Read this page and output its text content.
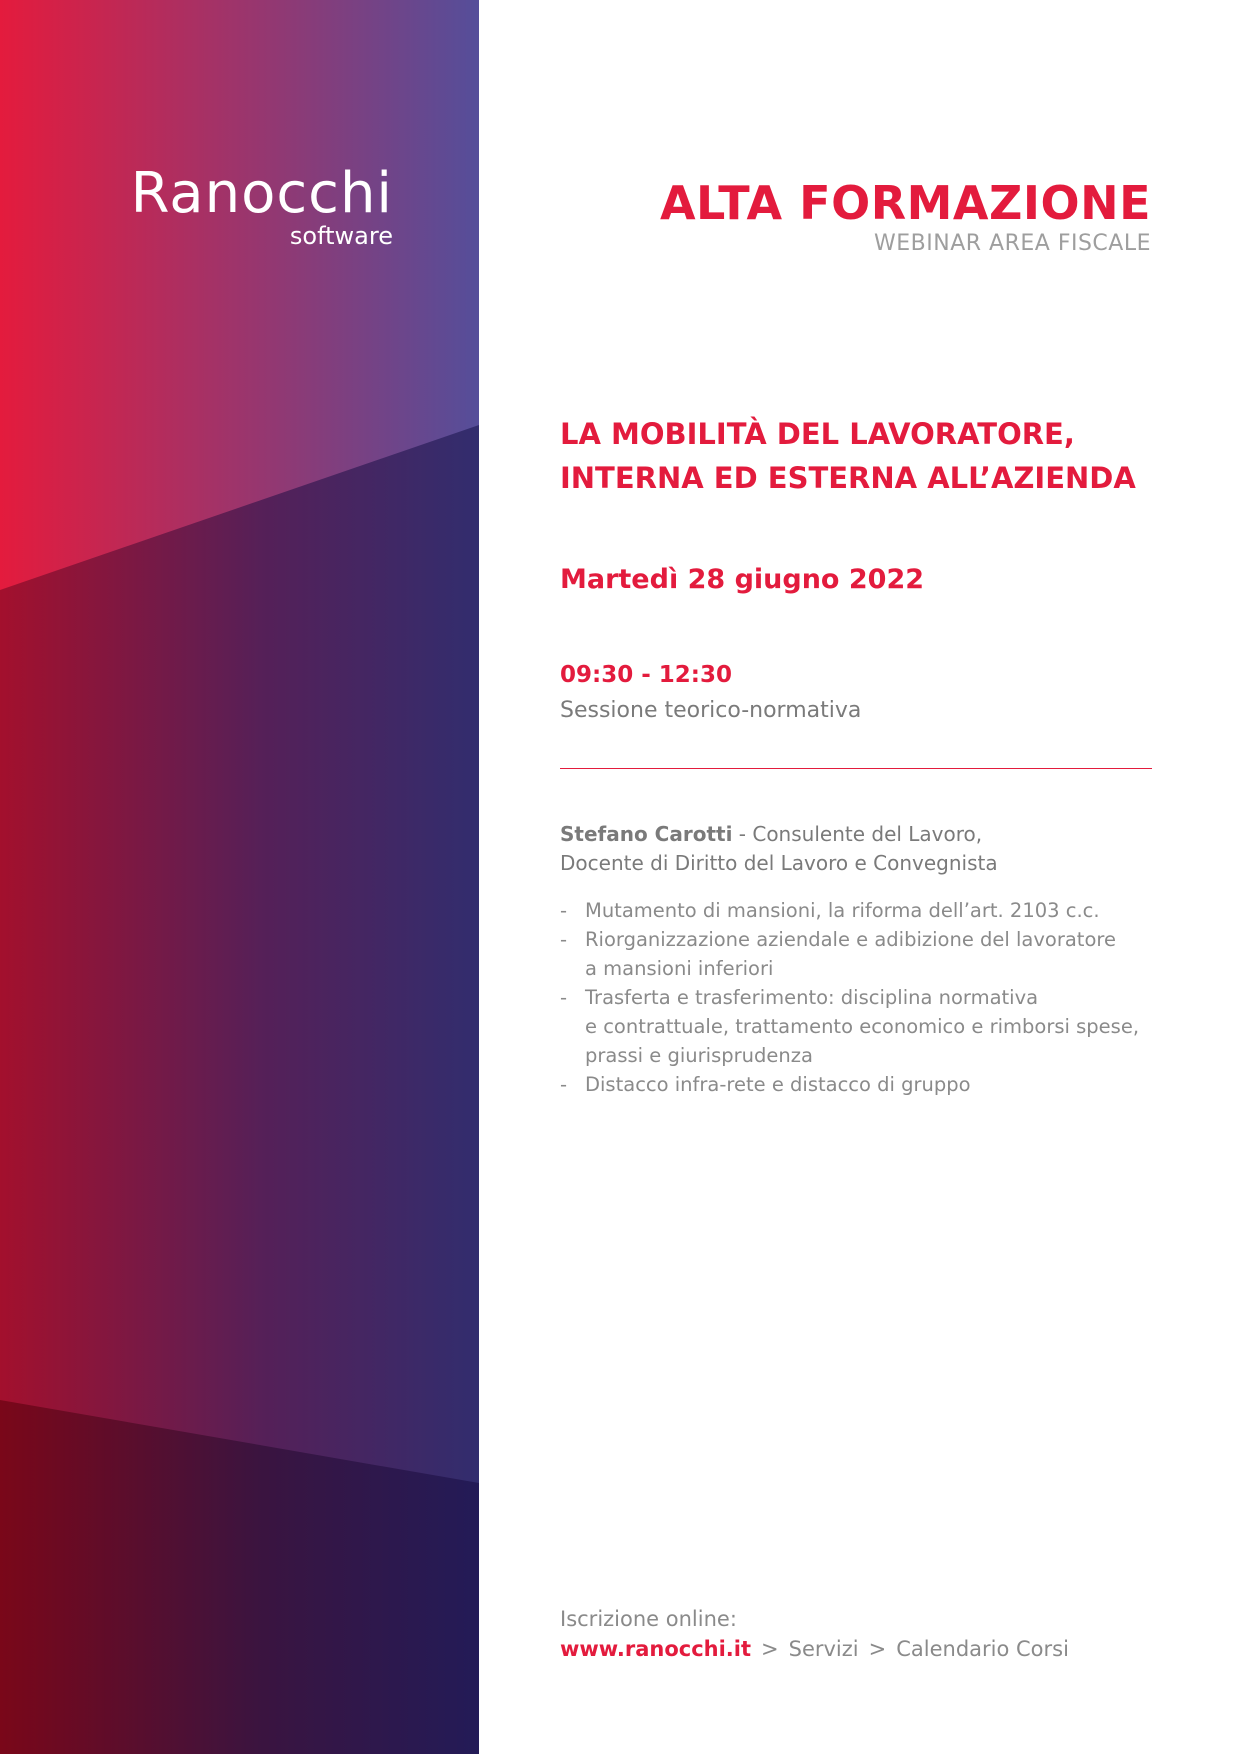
Ranocchi
software
ALTA FORMAZIONE
WEBINAR AREA FISCALE
LA MOBILITÀ DEL LAVORATORE,
INTERNA ED ESTERNA ALL’AZIENDA
Martedì 28 giugno 2022
09:30 - 12:30
Sessione teorico-normativa
Stefano Carotti - Consulente del Lavoro,
Docente di Diritto del Lavoro e Convegnista
- Mutamento di mansioni, la riforma dell’art. 2103 c.c.
- Riorganizzazione aziendale e adibizione del lavoratore
a mansioni inferiori
- Trasferta e trasferimento: disciplina normativa
e contrattuale, trattamento economico e rimborsi spese,
prassi e giurisprudenza
- Distacco infra-rete e distacco di gruppo
Iscrizione online:
www.ranocchi.it > Servizi > Calendario Corsi
